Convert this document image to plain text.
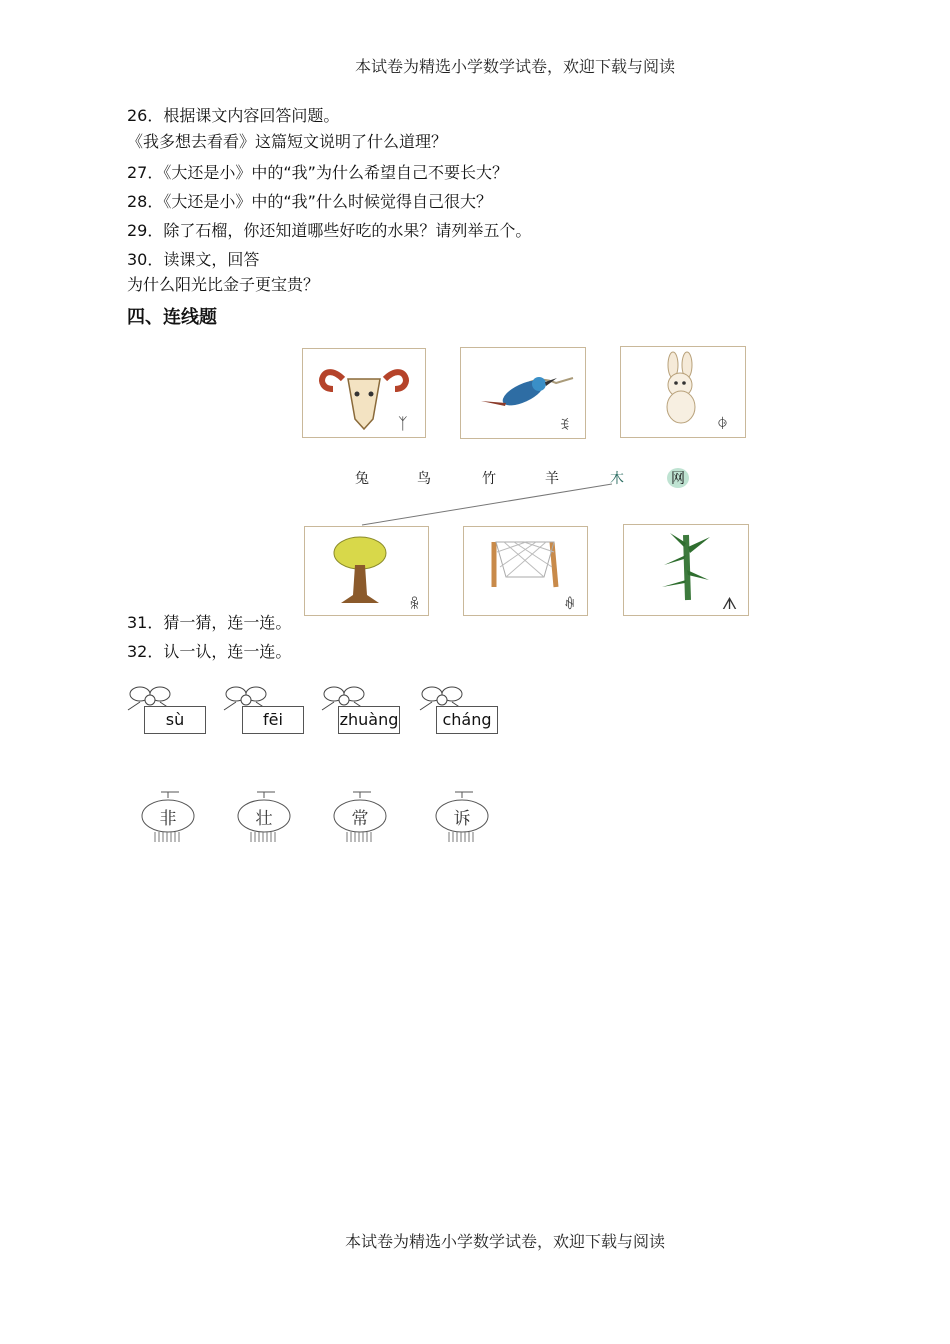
本试卷为精选小学数学试卷，欢迎下载与阅读
26．根据课文内容回答问题。
《我多想去看看》这篇短文说明了什么道理？
27．《大还是小》中的“我”为什么希望自己不要长大？
28．《大还是小》中的“我”什么时候觉得自己很大？
29．除了石榴，你还知道哪些好吃的水果？请列举五个。
30．读课文，回答
为什么阳光比金子更宝贵？
四、连线题
ᛉ	ꉂ	ꂈ
兔	鸟	竹	羊	木	网
ꆜ	ꊿ	ᗑ
31．猜一猜，连一连。
32．认一认，连一连。
sù	fēi	zhuàng	cháng
非	壮	常	诉
本试卷为精选小学数学试卷，欢迎下载与阅读
